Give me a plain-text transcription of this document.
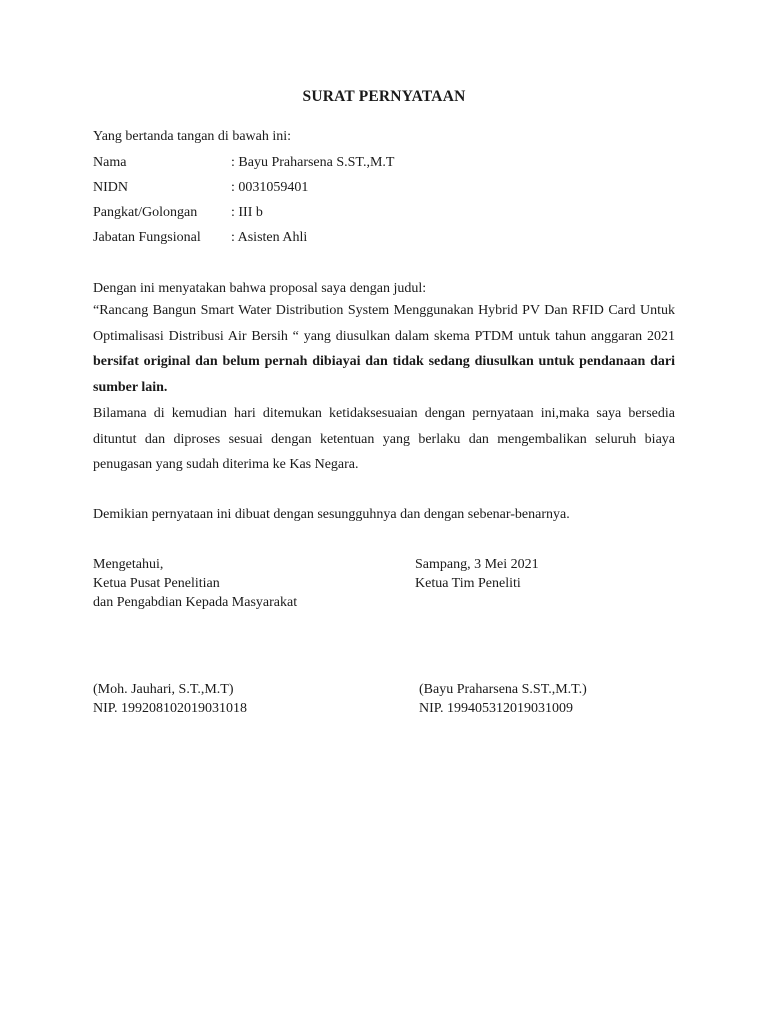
SURAT PERNYATAAN
Yang bertanda tangan di bawah ini:
Nama	: Bayu Praharsena S.ST.,M.T
NIDN	: 0031059401
Pangkat/Golongan : III b
Jabatan Fungsional : Asisten Ahli
Dengan ini menyatakan bahwa proposal saya dengan judul:
“Rancang Bangun Smart Water Distribution System Menggunakan Hybrid PV Dan RFID Card Untuk Optimalisasi Distribusi Air Bersih “ yang diusulkan dalam skema PTDM untuk tahun anggaran 2021 bersifat original dan belum pernah dibiayai dan tidak sedang diusulkan untuk pendanaan dari sumber lain.
Bilamana di kemudian hari ditemukan ketidaksesuaian dengan pernyataan ini,maka saya bersedia dituntut dan diproses sesuai dengan ketentuan yang berlaku dan mengembalikan seluruh biaya penugasan yang sudah diterima ke Kas Negara.
Demikian pernyataan ini dibuat dengan sesungguhnya dan dengan sebenar-benarnya.
Mengetahui,
Ketua Pusat Penelitian
dan Pengabdian Kepada Masyarakat
Sampang, 3 Mei 2021
Ketua Tim Peneliti
(Moh. Jauhari, S.T.,M.T)
NIP. 199208102019031018
(Bayu Praharsena S.ST.,M.T.)
NIP. 199405312019031009
